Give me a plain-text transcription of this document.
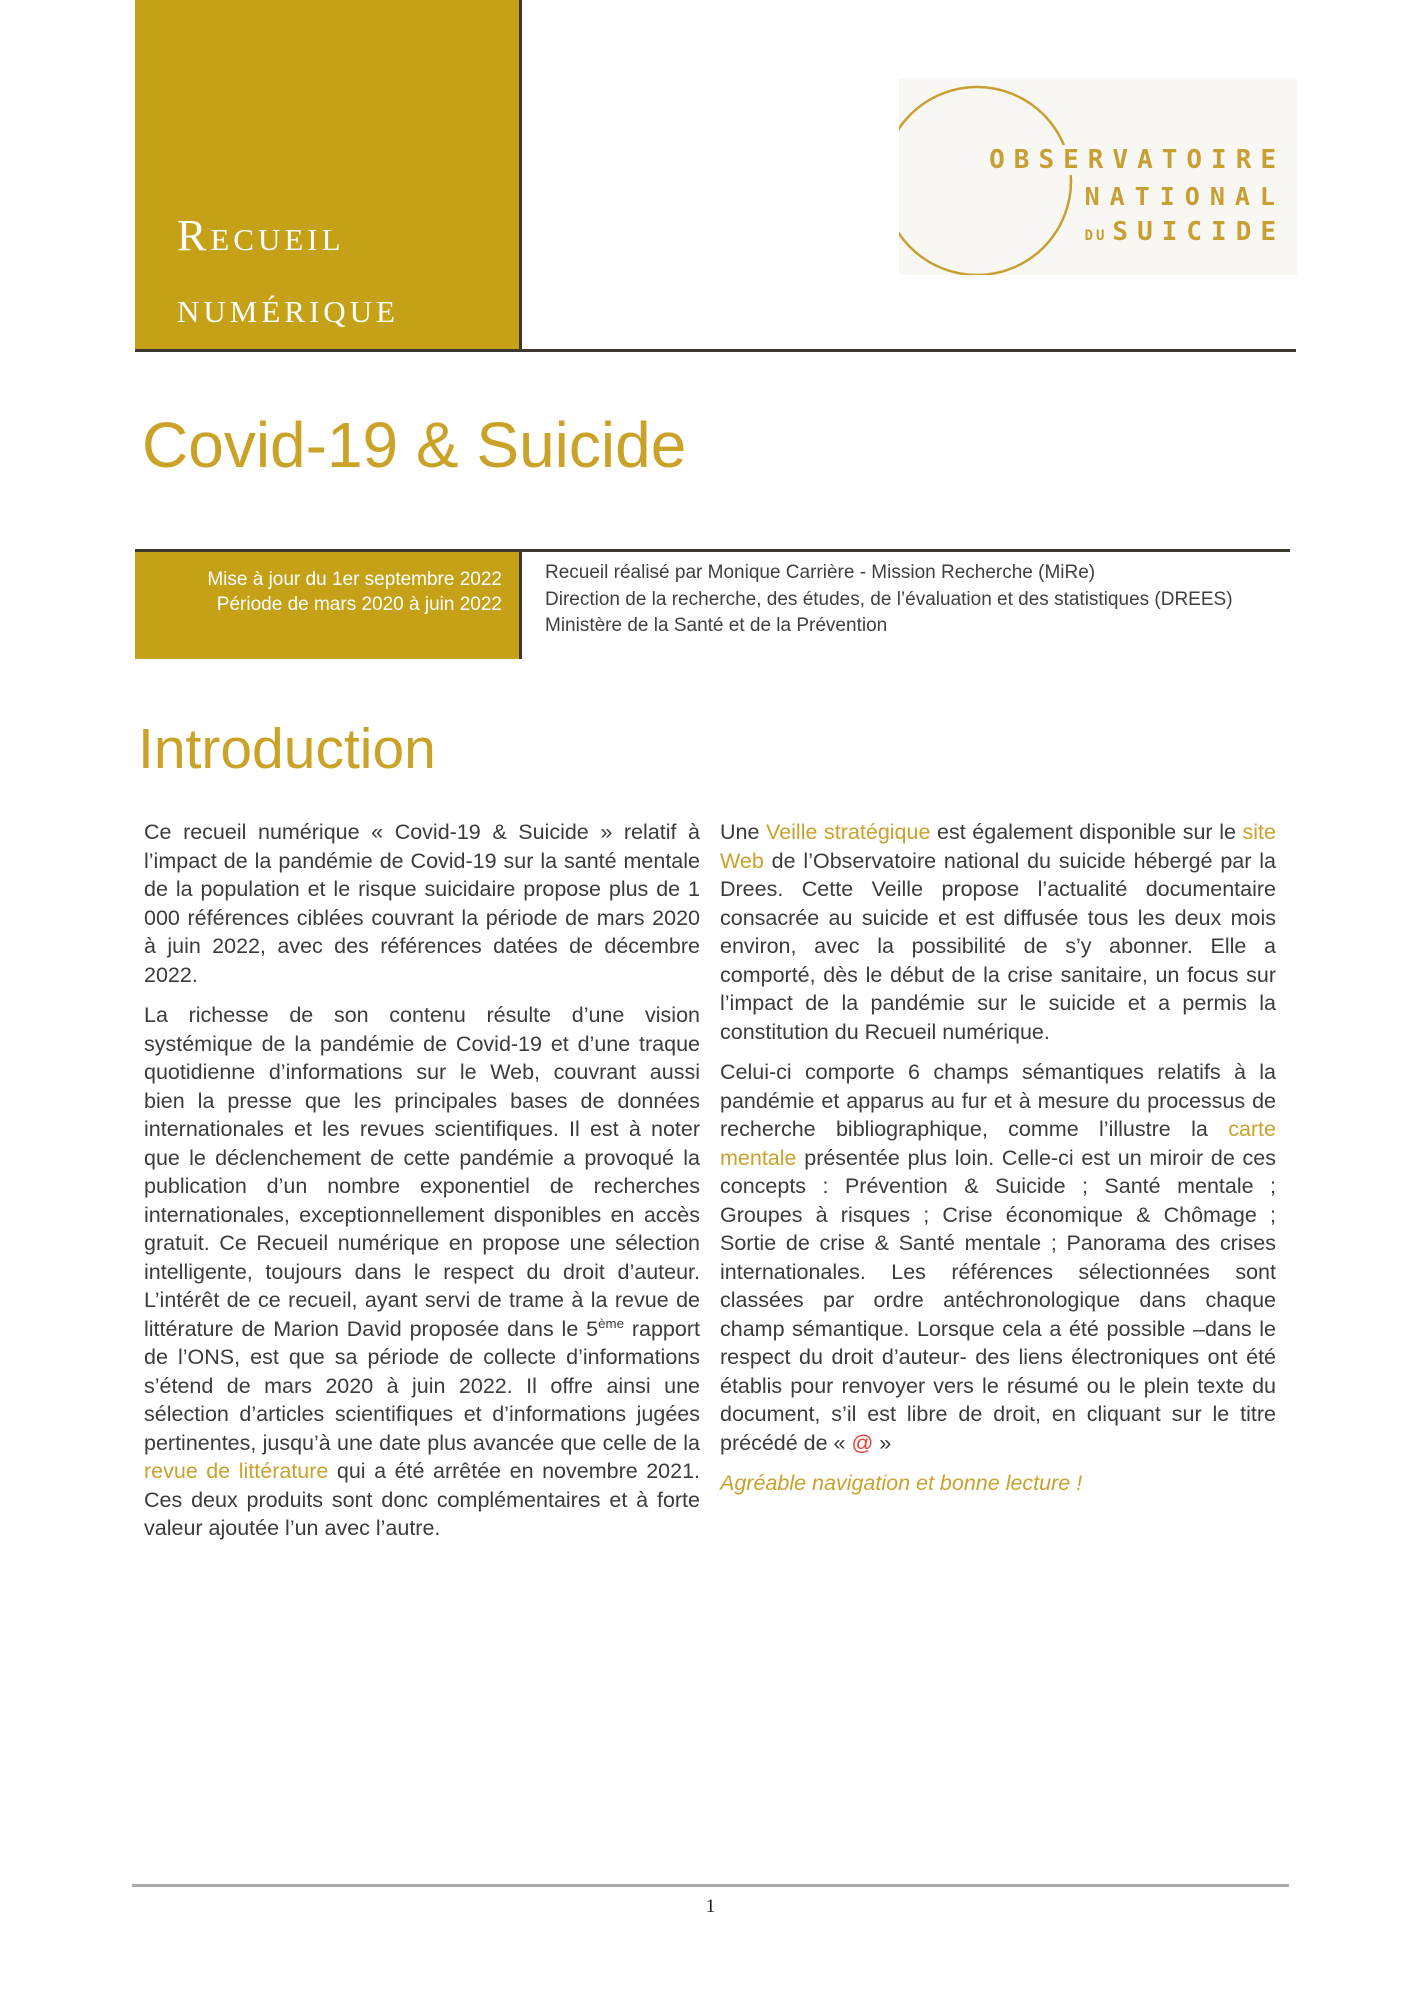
Recueil
numérique
OBSERVATOIRE
NATIONAL
DU SUICIDE
Covid-19 & Suicide
Mise à jour du 1er septembre 2022
Période de mars 2020 à juin 2022
Recueil réalisé par Monique Carrière - Mission Recherche (MiRe)
Direction de la recherche, des études, de l’évaluation et des statistiques (DREES)
Ministère de la Santé et de la Prévention
Introduction

Ce recueil numérique « Covid-19 & Suicide » relatif à l’impact de la pandémie de Covid-19 sur la santé mentale de la population et le risque suicidaire propose plus de 1 000 références ciblées couvrant la période de mars 2020 à juin 2022, avec des références datées de décembre 2022.

La richesse de son contenu résulte d’une vision systémique de la pandémie de Covid-19 et d’une traque quotidienne d’informations sur le Web, couvrant aussi bien la presse que les principales bases de données internationales et les revues scientifiques. Il est à noter que le déclenchement de cette pandémie a provoqué la publication d’un nombre exponentiel de recherches internationales, exceptionnellement disponibles en accès gratuit. Ce Recueil numérique en propose une sélection intelligente, toujours dans le respect du droit d’auteur. L’intérêt de ce recueil, ayant servi de trame à la revue de littérature de Marion David proposée dans le 5ème rapport de l’ONS, est que sa période de collecte d’informations s’étend de mars 2020 à juin 2022. Il offre ainsi une sélection d’articles scientifiques et d’informations jugées pertinentes, jusqu’à une date plus avancée que celle de la revue de littérature qui a été arrêtée en novembre 2021. Ces deux produits sont donc complémentaires et à forte valeur ajoutée l’un avec l’autre.

Une Veille stratégique est également disponible sur le site Web de l’Observatoire national du suicide hébergé par la Drees. Cette Veille propose l’actualité documentaire consacrée au suicide et est diffusée tous les deux mois environ, avec la possibilité de s’y abonner. Elle a comporté, dès le début de la crise sanitaire, un focus sur l’impact de la pandémie sur le suicide et a permis la constitution du Recueil numérique.

Celui-ci comporte 6 champs sémantiques relatifs à la pandémie et apparus au fur et à mesure du processus de recherche bibliographique, comme l’illustre la carte mentale présentée plus loin. Celle-ci est un miroir de ces concepts : Prévention & Suicide ; Santé mentale ; Groupes à risques ; Crise économique & Chômage ; Sortie de crise & Santé mentale ; Panorama des crises internationales. Les références sélectionnées sont classées par ordre antéchronologique dans chaque champ sémantique. Lorsque cela a été possible –dans le respect du droit d’auteur- des liens électroniques ont été établis pour renvoyer vers le résumé ou le plein texte du document, s’il est libre de droit, en cliquant sur le titre précédé de « @ »

Agréable navigation et bonne lecture !

1
